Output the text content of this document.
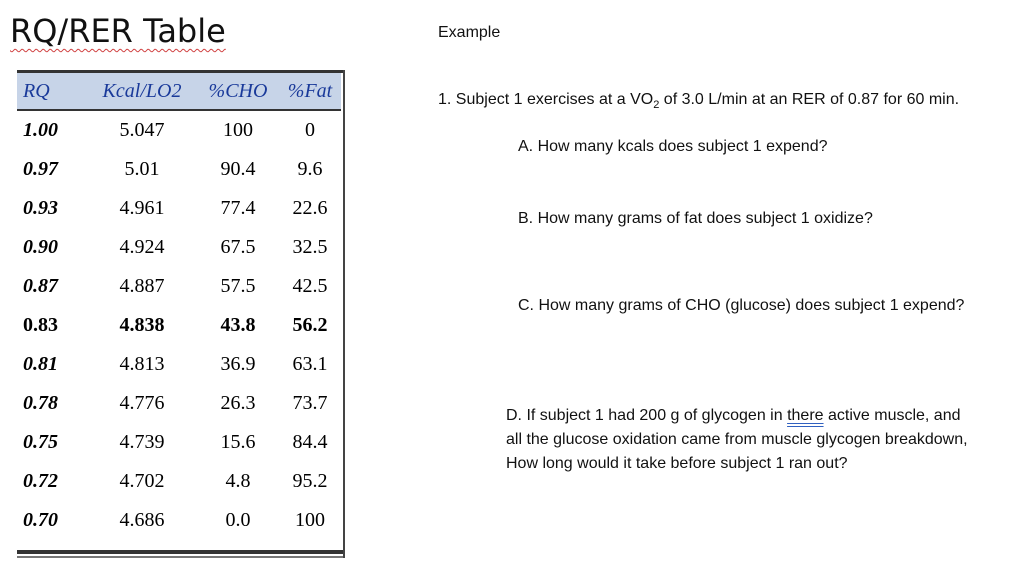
RQ/RER Table
RQ	Kcal/LO2	%CHO	%Fat
1.00	5.047	100	0
0.97	5.01	90.4	9.6
0.93	4.961	77.4	22.6
0.90	4.924	67.5	32.5
0.87	4.887	57.5	42.5
0.83	4.838	43.8	56.2
0.81	4.813	36.9	63.1
0.78	4.776	26.3	73.7
0.75	4.739	15.6	84.4
0.72	4.702	4.8	95.2
0.70	4.686	0.0	100
Example
1. Subject 1 exercises at a $VO_2$ of 3.0 L/min at an RER of 0.87 for 60 min.
A. How many kcals does subject 1 expend?
B. How many grams of fat does subject 1 oxidize?
C. How many grams of CHO (glucose) does subject 1 expend?
D. If subject 1 had 200 g of glycogen in there active muscle, and all the glucose oxidation came from muscle glycogen breakdown, How long would it take before subject 1 ran out?
